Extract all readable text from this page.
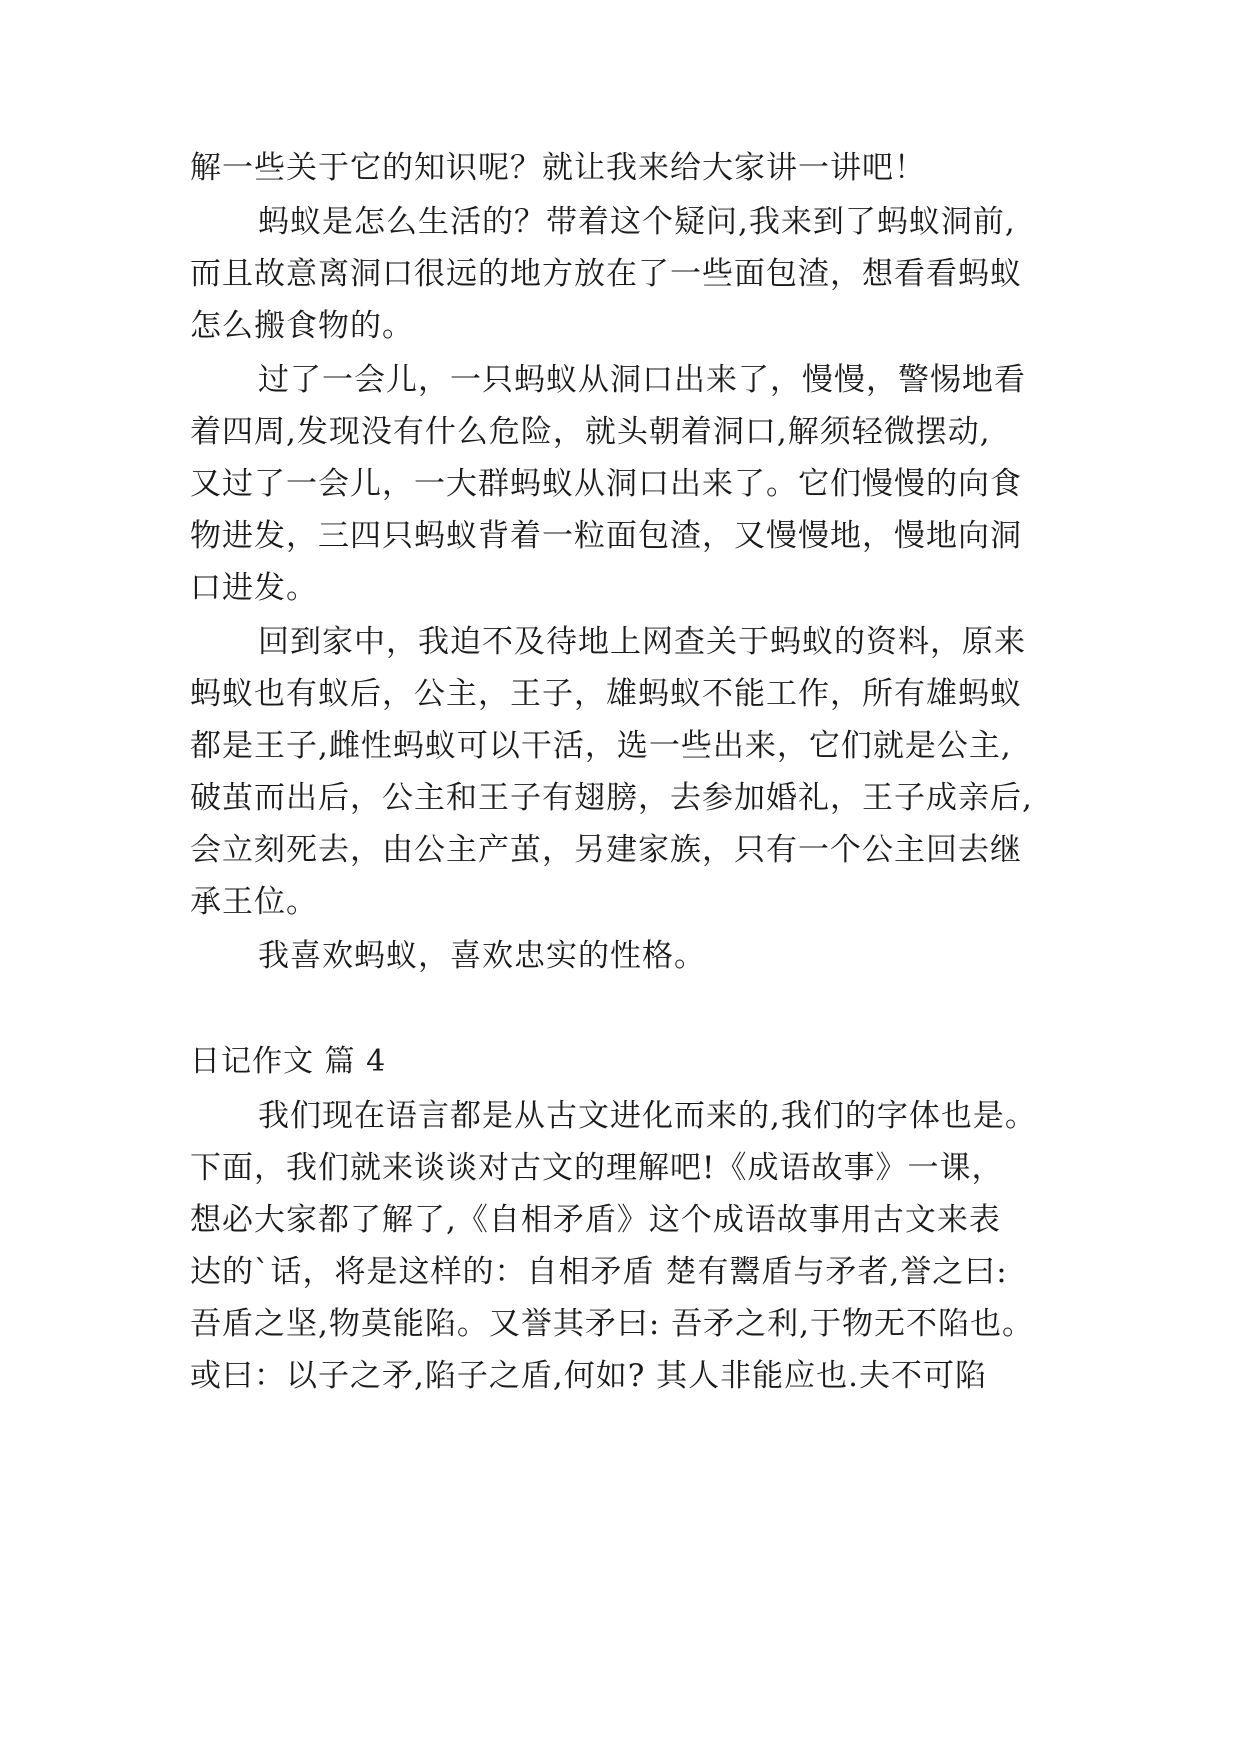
解一些关于它的知识呢？就让我来给大家讲一讲吧！
蚂蚁是怎么生活的？带着这个疑问,我来到了蚂蚁洞前,
而且故意离洞口很远的地方放在了一些面包渣，想看看蚂蚁
怎么搬食物的。
过了一会儿，一只蚂蚁从洞口出来了，慢慢，警惕地看
着四周,发现没有什么危险，就头朝着洞口,解须轻微摆动,
又过了一会儿，一大群蚂蚁从洞口出来了。它们慢慢的向食
物进发，三四只蚂蚁背着一粒面包渣，又慢慢地，慢地向洞
口进发。
回到家中，我迫不及待地上网查关于蚂蚁的资料，原来
蚂蚁也有蚁后，公主，王子，雄蚂蚁不能工作，所有雄蚂蚁
都是王子,雌性蚂蚁可以干活，选一些出来，它们就是公主,
破茧而出后，公主和王子有翅膀，去参加婚礼，王子成亲后,
会立刻死去，由公主产茧，另建家族，只有一个公主回去继
承王位。
我喜欢蚂蚁，喜欢忠实的性格。
日记作文 篇 4
我们现在语言都是从古文进化而来的,我们的字体也是。
下面，我们就来谈谈对古文的理解吧!《成语故事》一课，
想必大家都了解了,《自相矛盾》这个成语故事用古文来表
达的`话，将是这样的：自相矛盾 楚有鬻盾与矛者,誉之曰:
吾盾之坚,物莫能陷。又誉其矛曰: 吾矛之利,于物无不陷也。
或曰：以子之矛,陷子之盾,何如? 其人非能应也.夫不可陷
